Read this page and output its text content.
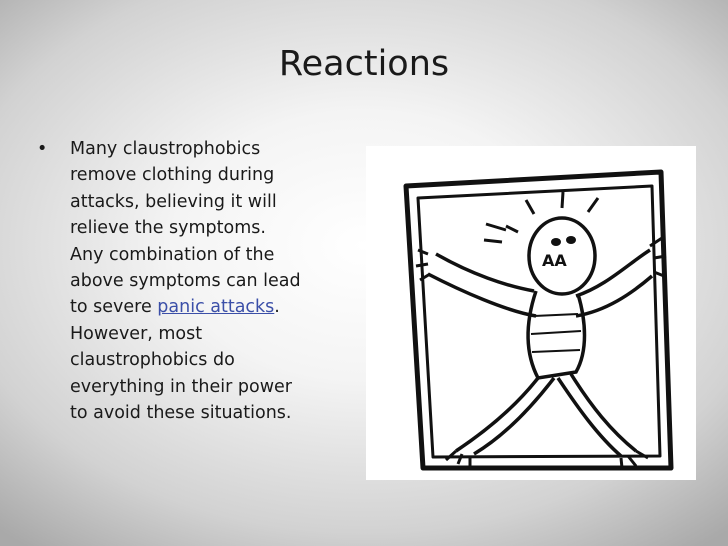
Reactions
• Many claustrophobics
remove clothing during
attacks, believing it will
relieve the symptoms.
Any combination of the
above symptoms can lead
to severe panic attacks.
However, most
claustrophobics do
everything in their power
to avoid these situations.
AA
